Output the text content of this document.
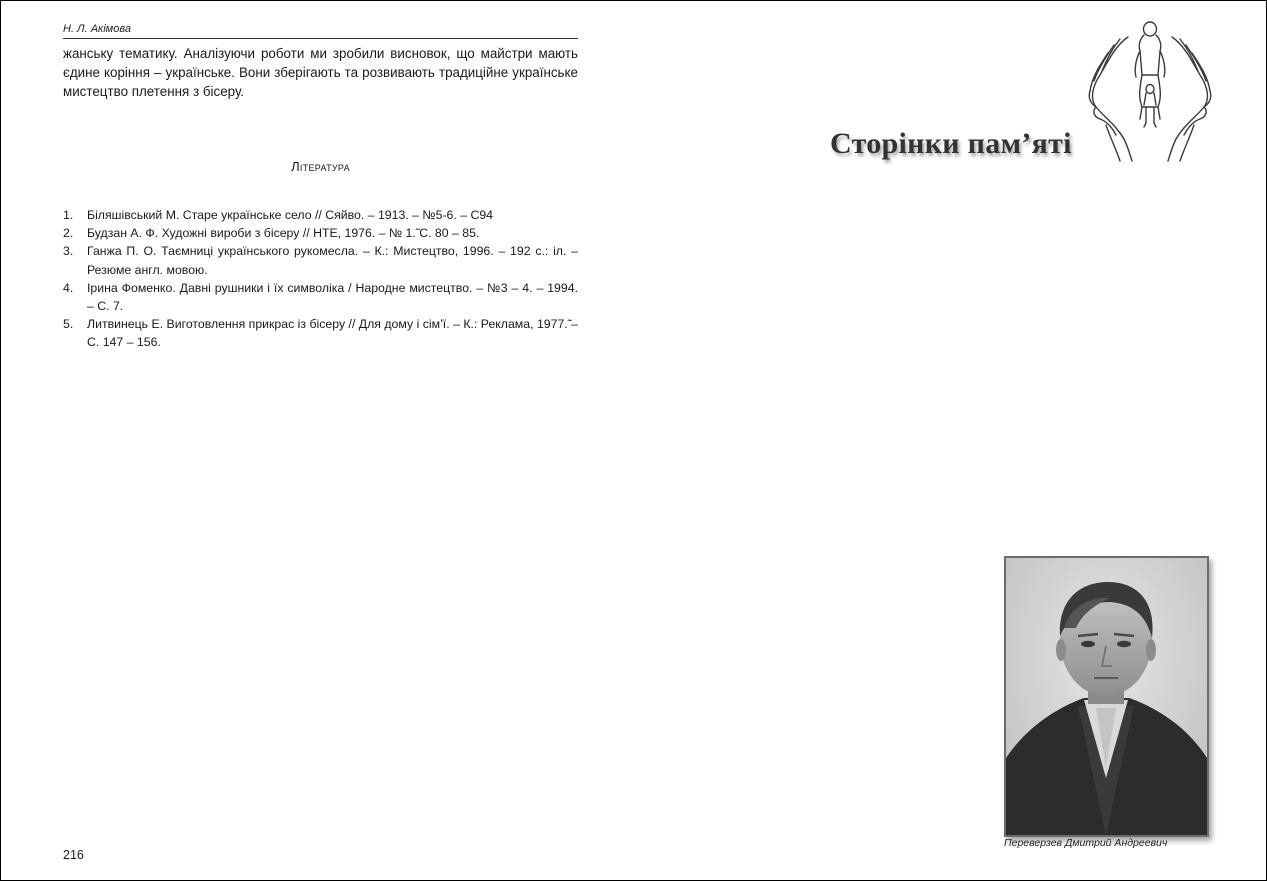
Н. Л. Акімова

жанську тематику. Аналізуючи роботи ми зробили висновок, що майстри мають єдине коріння – українське. Вони зберігають та розвивають традиційне українське мистецтво плетення з бісеру.

Література
1. Біляшівський М. Старе українське село // Сяйво. – 1913. – №5-6. – С94
2. Будзан А. Ф. Художні вироби з бісеру // НТЕ, 1976. – № 1.̃ С. 80 – 85.
3. Ганжа П. О. Таємниці українського рукомесла. – К.: Мистецтво, 1996. – 192 с.: іл. – Резюме англ. мовою.
4. Ірина Фоменко. Давні рушники і їх символіка / Народне мистецтво. – №3 – 4. – 1994. – С. 7.
5. Литвинець Е. Виготовлення прикрас із бісеру // Для дому і сім’ї. – К.: Реклама, 1977.̃ – С. 147 – 156.
216
Сторінки пам’яті
Переверзев Дмитрий Андреевич
